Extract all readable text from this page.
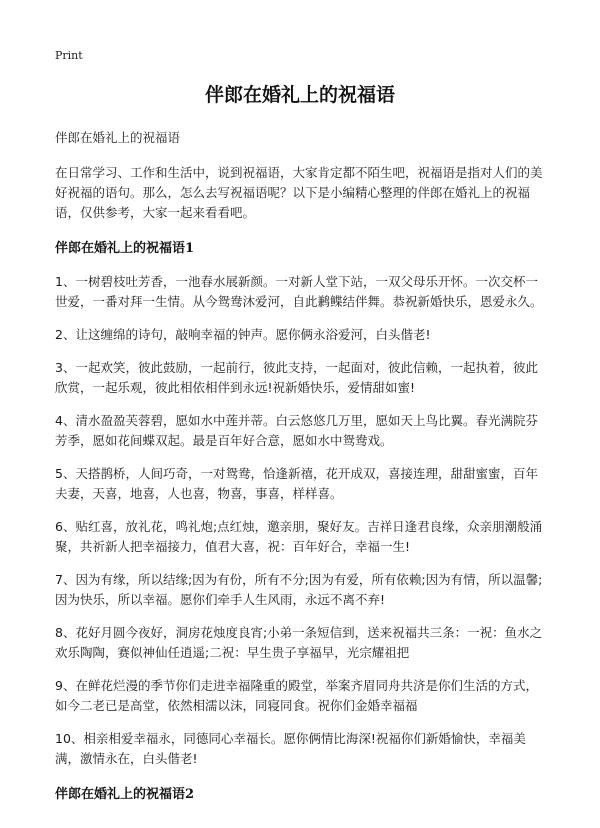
Print
伴郎在婚礼上的祝福语

伴郎在婚礼上的祝福语

在日常学习、工作和生活中，说到祝福语，大家肯定都不陌生吧，祝福语是指对人们的美好祝福的语句。那么，怎么去写祝福语呢？以下是小编精心整理的伴郎在婚礼上的祝福语，仅供参考，大家一起来看看吧。

伴郎在婚礼上的祝福语1

1、一树碧枝吐芳香，一池春水展新颜。一对新人堂下站，一双父母乐开怀。一次交杯一世爱，一番对拜一生情。从今鸳鸯沐爱河，自此鹣鲽结伴舞。恭祝新婚快乐，恩爱永久。

2、让这缠绵的诗句，敲响幸福的钟声。愿你俩永浴爱河，白头偕老!

3、一起欢笑，彼此鼓励，一起前行，彼此支持，一起面对，彼此信赖，一起执着，彼此欣赏，一起乐观，彼此相依相伴到永远!祝新婚快乐，爱情甜如蜜!

4、清水盈盈芙蓉碧，愿如水中莲并蒂。白云悠悠几万里，愿如天上鸟比翼。春光满院芬芳季，愿如花间蝶双起。最是百年好合意，愿如水中鸳鸯戏。

5、天搭鹊桥，人间巧奇，一对鸳鸯，恰逢新禧，花开成双，喜接连理，甜甜蜜蜜，百年夫妻，天喜，地喜，人也喜，物喜，事喜，样样喜。

6、贴红喜，放礼花，鸣礼炮;点红烛，邀亲朋，聚好友。吉祥日逢君良缘，众亲朋潮般涌聚，共祈新人把幸福接力，值君大喜，祝：百年好合，幸福一生!

7、因为有缘，所以结缘;因为有份，所有不分;因为有爱，所有依赖;因为有情，所以温馨;因为快乐，所以幸福。愿你们牵手人生风雨，永远不离不弃!

8、花好月圆今夜好，洞房花烛度良宵;小弟一条短信到，送来祝福共三条：一祝：鱼水之欢乐陶陶，赛似神仙任逍遥;二祝：早生贵子享福早，光宗耀祖把

9、在鲜花烂漫的季节你们走进幸福隆重的殿堂，举案齐眉同舟共济是你们生活的方式，如今二老已是高堂，依然相濡以沫，同寝同食。祝你们金婚幸福福

10、相亲相爱幸福永，同德同心幸福长。愿你俩情比海深!祝福你们新婚愉快，幸福美满，激情永在，白头偕老!

伴郎在婚礼上的祝福语2
